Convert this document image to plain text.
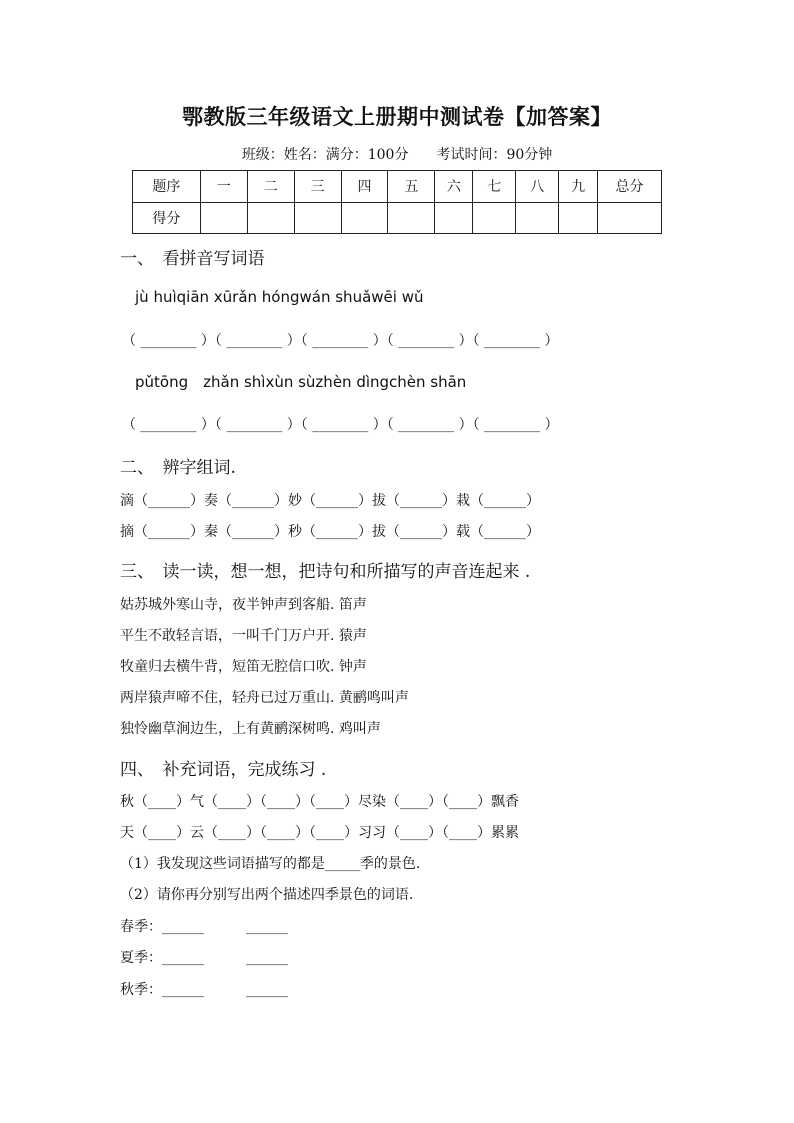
鄂教版三年级语文上册期中测试卷【加答案】
班级：姓名：满分：100分　　考试时间：90分钟
题序	一	二	三	四	五	六	七	八	九	总分
得分										
一、　看拼音写词语
jù huìqiān xūrǎn hóngwán shuǎwēi wǔ
（ ________ ）（ ________ ）（ ________ ）（ ________ ）（ ________ ）
pǔtōng　zhǎn shìxùn sùzhèn dìngchèn shān
（ ________ ）（ ________ ）（ ________ ）（ ________ ）（ ________ ）
二、　辨字组词.
滴（______）奏（______）妙（______）拔（______）栽（______）
摘（______）秦（______）秒（______）拔（______）载（______）
三、　读一读，想一想，把诗句和所描写的声音连起来 .
姑苏城外寒山寺，夜半钟声到客船. 笛声
平生不敢轻言语，一叫千门万户开. 猿声
牧童归去横牛背，短笛无腔信口吹. 钟声
两岸猿声啼不住，轻舟已过万重山. 黄鹂鸣叫声
独怜幽草涧边生，上有黄鹂深树鸣. 鸡叫声
四、　补充词语，完成练习 .
秋（____）气（____）（____）（____）尽染（____）（____）飘香
天（____）云（____）（____）（____）习习（____）（____）累累
（1）我发现这些词语描写的都是_____季的景色.
（2）请你再分别写出两个描述四季景色的词语.
春季：______　　　______
夏季：______　　　______
秋季：______　　　______
